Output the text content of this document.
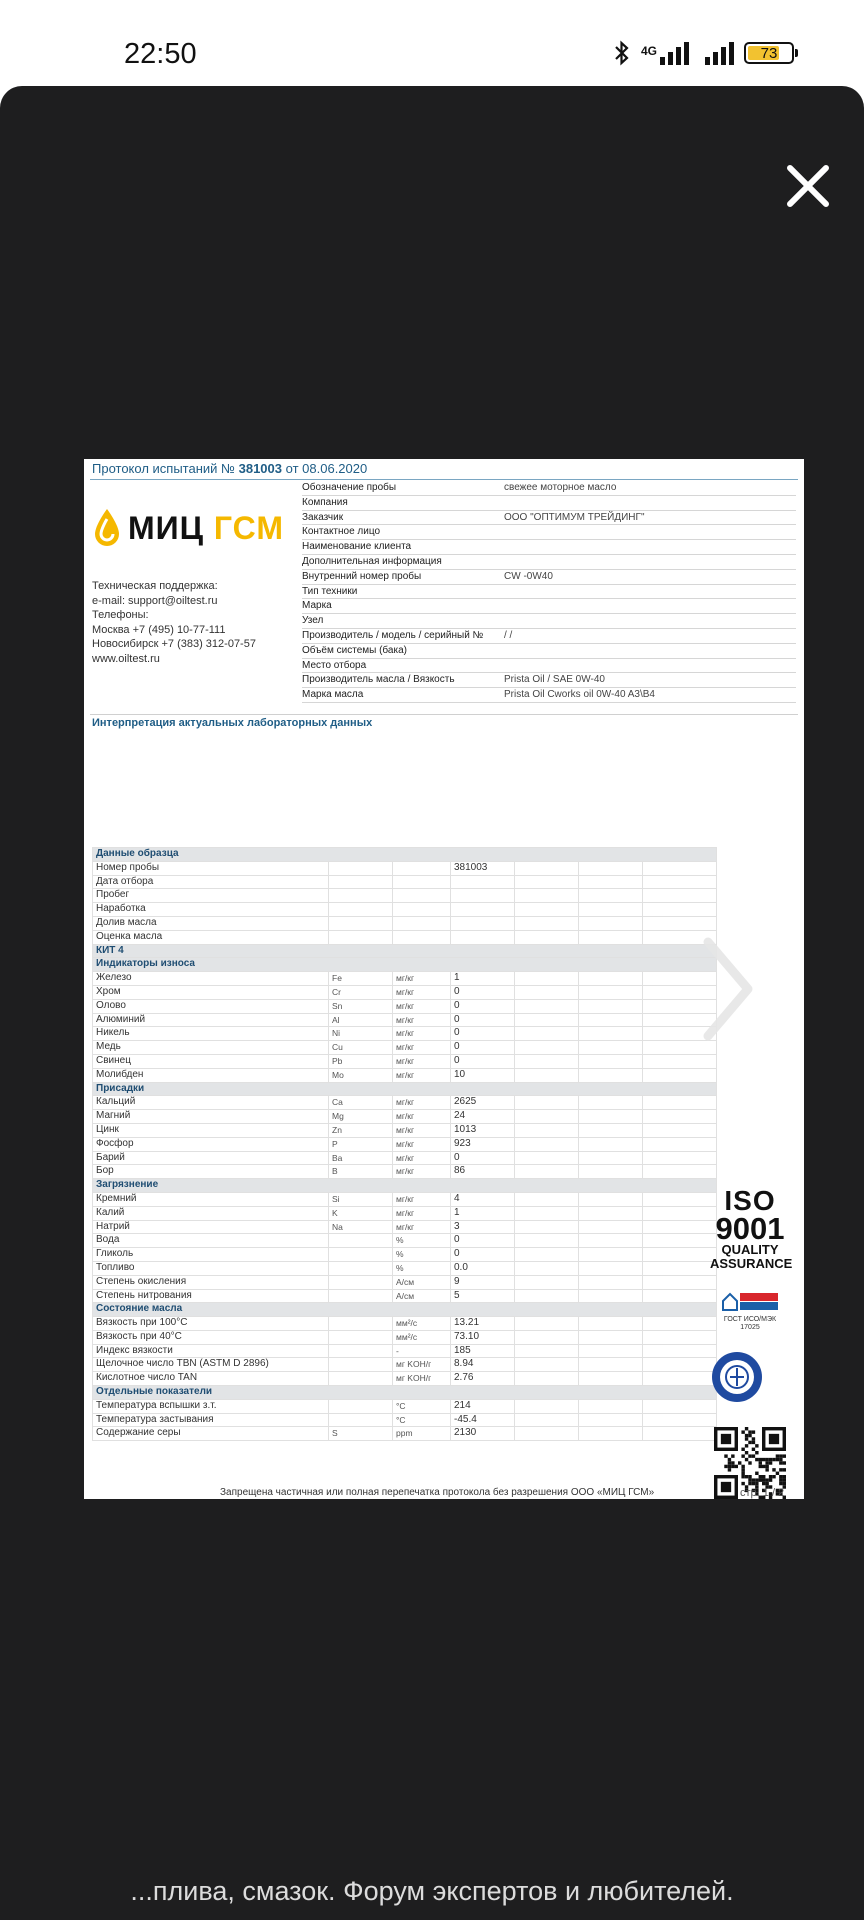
22:50	4G	73
...плива, смазок. Форум экспертов и любителей.
Протокол испытаний № 381003 от 08.06.2020
МИЦ ГСМ
Техническая поддержка:
e-mail: support@oiltest.ru
Телефоны:
Москва +7 (495) 10-77-111
Новосибирск +7 (383) 312-07-57
www.oiltest.ru
Обозначение пробы	свежее моторное масло
Компания
Заказчик	ООО "ОПТИМУМ ТРЕЙДИНГ"
Контактное лицо
Наименование клиента
Дополнительная информация
Внутренний номер пробы	CW -0W40
Тип техники
Марка
Узел
Производитель / модель / серийный №	/ /
Объём системы (бака)
Место отбора
Производитель масла / Вязкость	Prista Oil / SAE 0W-40
Марка масла	Prista Oil Cworks oil 0W-40 A3\B4
Интерпретация актуальных лабораторных данных
Данные образца						
Номер пробы			381003			
Дата отбора						
Пробег						
Наработка						
Долив масла						
Оценка масла						
КИТ 4						
Индикаторы износа						
Железо	Fe	мг/кг	1			
Хром	Cr	мг/кг	0			
Олово	Sn	мг/кг	0			
Алюминий	Al	мг/кг	0			
Никель	Ni	мг/кг	0			
Медь	Cu	мг/кг	0			
Свинец	Pb	мг/кг	0			
Молибден	Mo	мг/кг	10			
Присадки						
Кальций	Ca	мг/кг	2625			
Магний	Mg	мг/кг	24			
Цинк	Zn	мг/кг	1013			
Фосфор	P	мг/кг	923			
Барий	Ba	мг/кг	0			
Бор	B	мг/кг	86			
Загрязнение						
Кремний	Si	мг/кг	4			
Калий	K	мг/кг	1			
Натрий	Na	мг/кг	3			
Вода		%	0			
Гликоль		%	0			
Топливо		%	0.0			
Степень окисления		A/см	9			
Степень нитрования		A/см	5			
Состояние масла						
Вязкость при 100°C		мм²/с	13.21			
Вязкость при 40°C		мм²/с	73.10			
Индекс вязкости		-	185			
Щелочное число TBN (ASTM D 2896)		мг KOH/г	8.94			
Кислотное число TAN		мг KOH/г	2.76			
Отдельные показатели						
Температура вспышки з.т.		°C	214			
Температура застывания		°C	-45.4			
Содержание серы	S	ppm	2130			
ISO
9001
QUALITY
ASSURANCE
ГОСТ ИСО/МЭК
17025
Запрещена частичная или полная перепечатка протокола без разрешения ООО «МИЦ ГСМ»	стр. 1 / 2
